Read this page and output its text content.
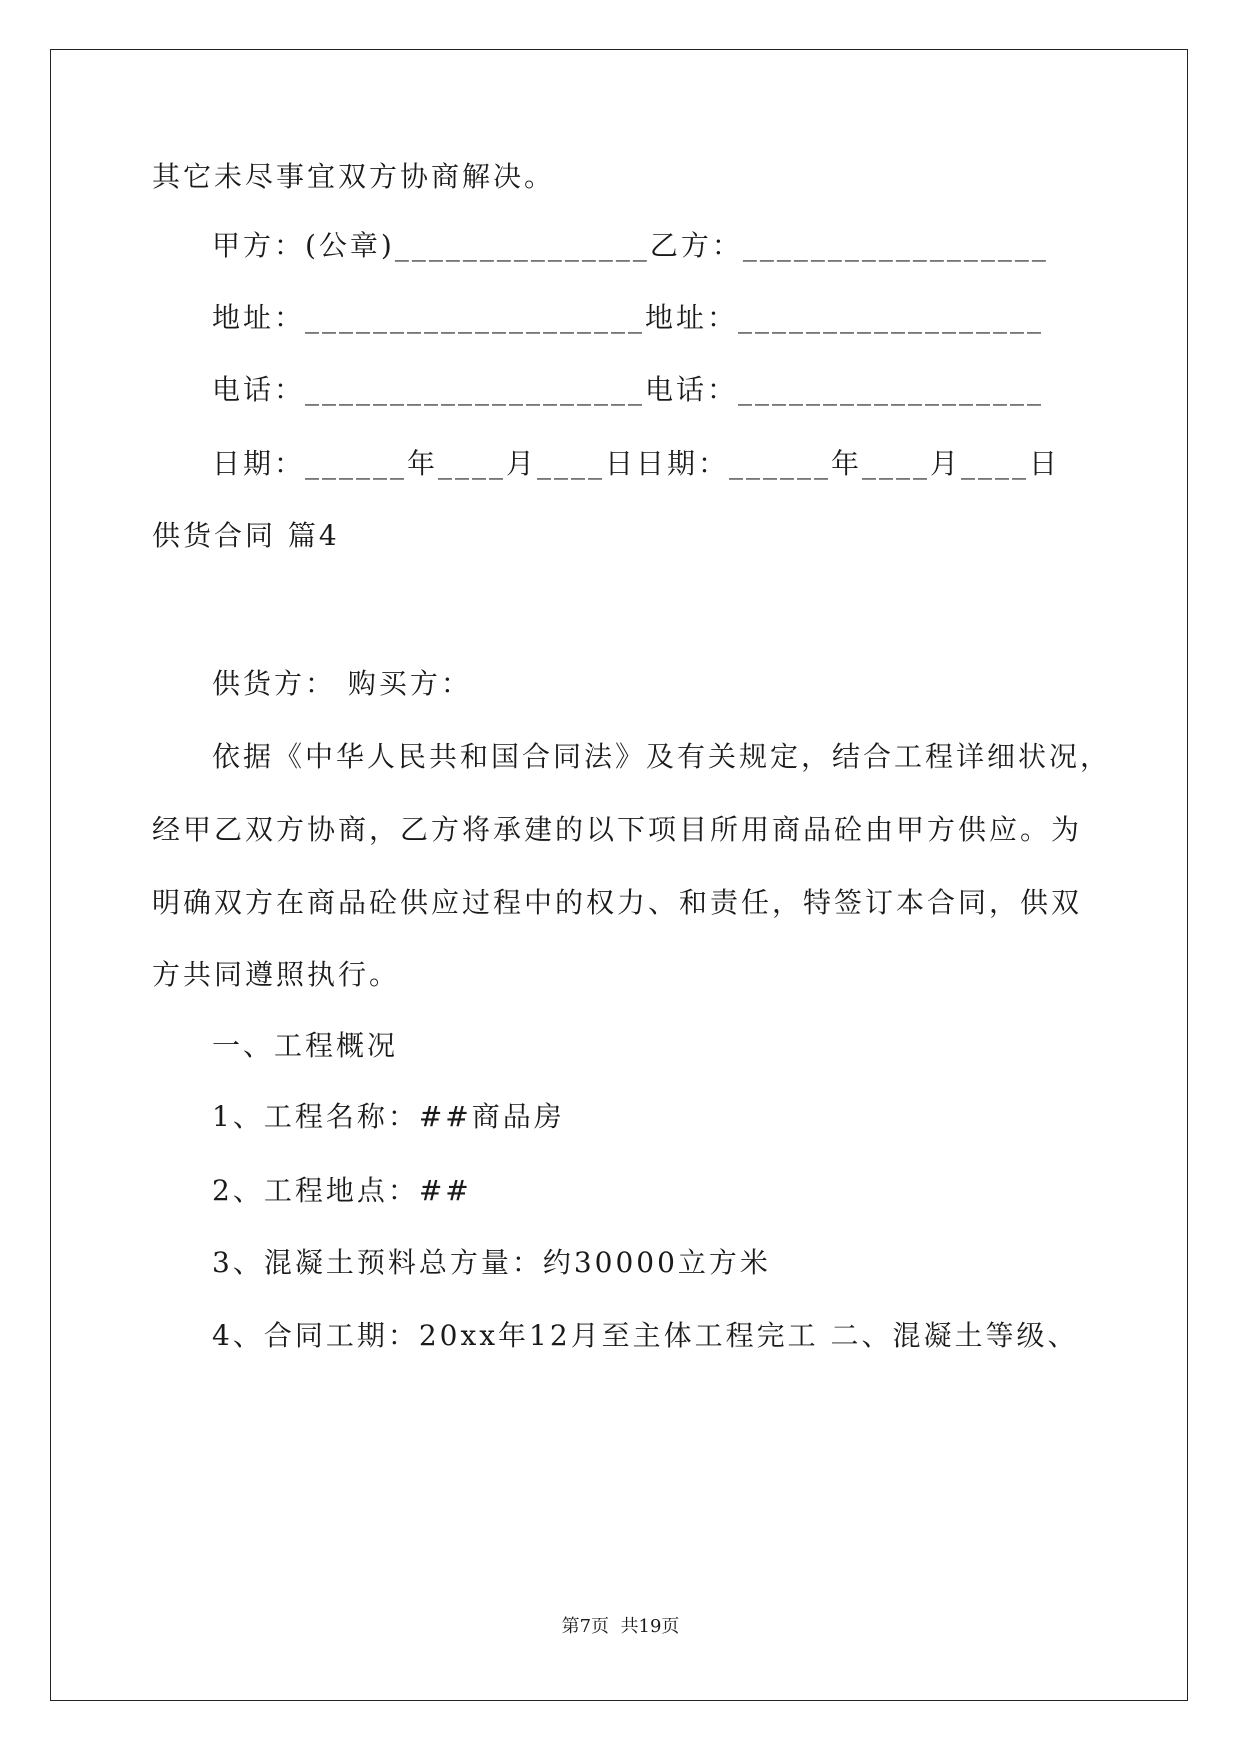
其它未尽事宜双方协商解决。
甲方：(公章)_______________乙方：__________________
地址：____________________地址：__________________
电话：____________________电话：__________________
日期：______年____月____日日期：______年____月____日
供货合同 篇4
供货方： 购买方：
依据《中华人民共和国合同法》及有关规定，结合工程详细状况，
经甲乙双方协商，乙方将承建的以下项目所用商品砼由甲方供应。为
明确双方在商品砼供应过程中的权力、和责任，特签订本合同，供双
方共同遵照执行。
一、工程概况
1、工程名称：##商品房
2、工程地点：##
3、混凝土预料总方量：约30000立方米
4、合同工期：20xx年12月至主体工程完工 二、混凝土等级、
第7页  共19页
